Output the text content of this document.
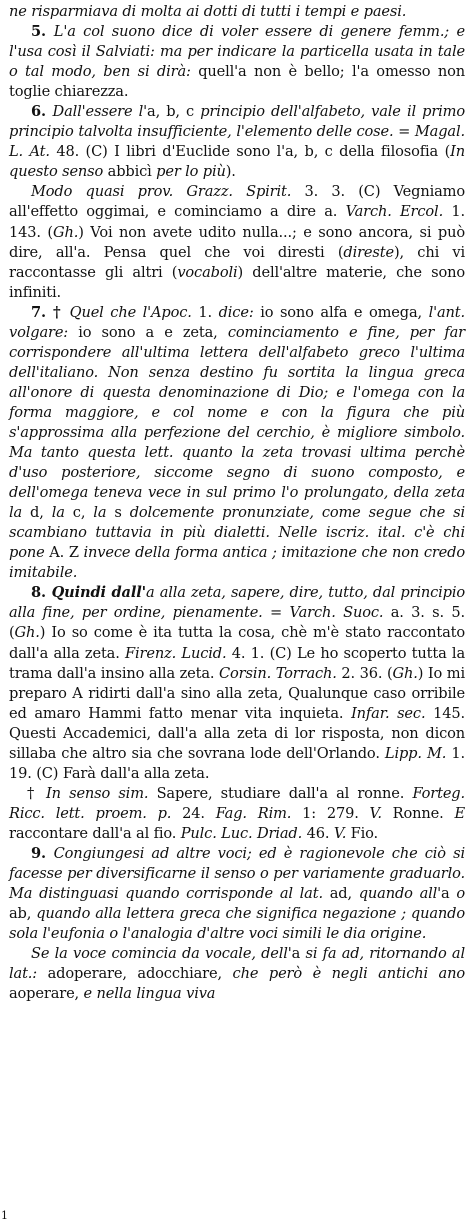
ne risparmiava di molta ai dotti di tutti i tempi e paesi.

5. L'a col suono dice di voler essere di genere femm.; e l'usa così il Salviati: ma per indicare la particella usata in tale o tal modo, ben si dirà: quell'a non è bello; l'a omesso non toglie chiarezza.

6. Dall'essere l'a, b, c principio dell'alfabeto, vale il primo principio talvolta insufficiente, l'elemento delle cose. = Magal. L. At. 48. (C) I libri d'Euclide sono l'a, b, c della filosofia (In questo senso abbicì per lo più).

Modo quasi prov. Grazz. Spirit. 3. 3. (C) Vegniamo all'effetto oggimai, e cominciamo a dire a. Varch. Ercol. 1. 143. (Gh.) Voi non avete udito nulla...; e sono ancora, si può dire, all'a. Pensa quel che voi diresti (direste), chi vi raccontasse gli altri (vocaboli) dell'altre materie, che sono infiniti.

7. † Quel che l'Apoc. 1. dice: io sono alfa e omega, l'ant. volgare: io sono a e zeta, cominciamento e fine, per far corrispondere all'ultima lettera dell'alfabeto greco l'ultima dell'italiano. Non senza destino fu sortita la lingua greca all'onore di questa denominazione di Dio; e l'omega con la forma maggiore, e col nome e con la figura che più s'approssima alla perfezione del cerchio, è migliore simbolo. Ma tanto questa lett. quanto la zeta trovasi ultima perchè d'uso posteriore, siccome segno di suono composto, e dell'omega teneva vece in sul primo l'o prolungato, della zeta la d, la c, la s dolcemente pronunziate, come segue che si scambiano tuttavia in più dialetti. Nelle iscriz. ital. c'è chi pone A. Z invece della forma antica ; imitazione che non credo imitabile.

8. Quindi dall'a alla zeta, sapere, dire, tutto, dal principio alla fine, per ordine, pienamente. = Varch. Suoc. a. 3. s. 5. (Gh.) Io so come è ita tutta la cosa, chè m'è stato raccontato dall'a alla zeta. Firenz. Lucid. 4. 1. (C) Le ho scoperto tutta la trama dall'a insino alla zeta. Corsin. Torrach. 2. 36. (Gh.) Io mi preparo A ridirti dall'a sino alla zeta, Qualunque caso orribile ed amaro Hammi fatto menar vita inquieta. Infar. sec. 145. Questi Accademici, dall'a alla zeta di lor risposta, non dicon sillaba che altro sia che sovrana lode dell'Orlando. Lipp. M. 1. 19. (C) Farà dall'a alla zeta.

† In senso sim. Sapere, studiare dall'a al ronne. Forteg. Ricc. lett. proem. p. 24. Fag. Rim. 1: 279. V. Ronne. E raccontare dall'a al fio. Pulc. Luc. Driad. 46. V. Fio.

9. Congiungesi ad altre voci; ed è ragionevole che ciò si facesse per diversificarne il senso o per variamente graduarlo. Ma distinguasi quando corrisponde al lat. ad, quando all'a o ab, quando alla lettera greca che significa negazione ; quando sola l'eufonia o l'analogia d'altre voci simili le dia origine.

Se la voce comincia da vocale, dell'a si fa ad, ritornando al lat.: adoperare, adocchiare, che però è negli antichi ano aoperare, e nella lingua viva

1
